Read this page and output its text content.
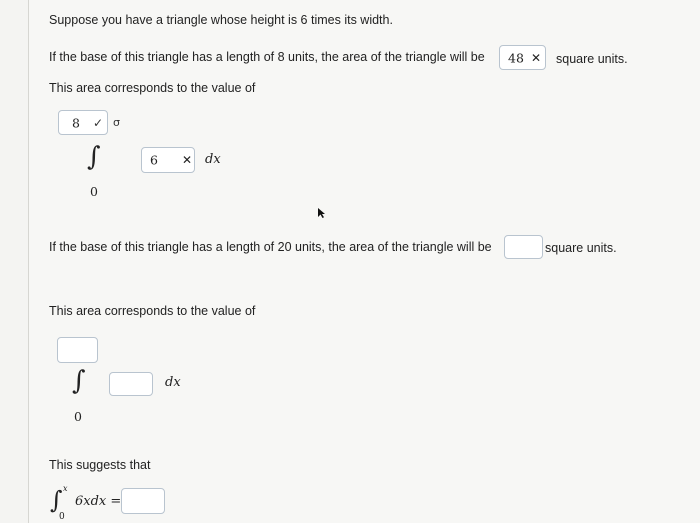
Suppose you have a triangle whose height is 6 times its width.
If the base of this triangle has a length of 8 units, the area of the triangle will be 48 ✕ square units.
This area corresponds to the value of
8 ✓ σ
∫
0
6 ✕ dx
If the base of this triangle has a length of 20 units, the area of the triangle will be	square units.
This area corresponds to the value of
∫
0
dx
This suggests that
∫ x
0
6xdx =
